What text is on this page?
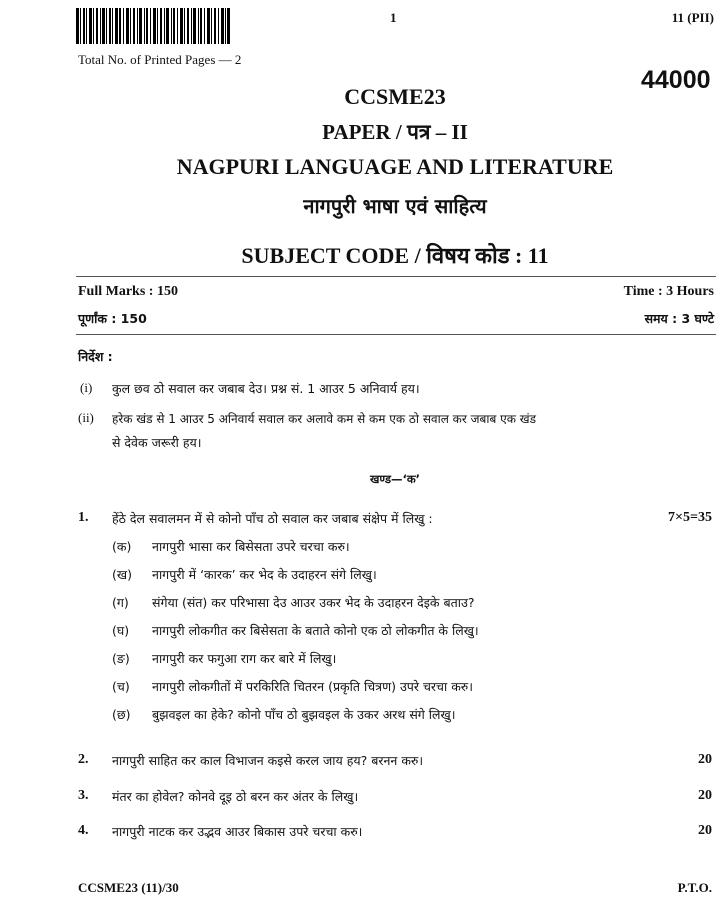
1	11 (PII)
Total No. of Printed Pages — 2
44000
CCSME23
PAPER / पत्र – II
NAGPURI LANGUAGE AND LITERATURE
नागपुरी भाषा एवं साहित्य
SUBJECT CODE / विषय कोड : 11
Full Marks : 150	Time : 3 Hours
पूर्णांक : 150	समय : 3 घण्टे
निर्देश :
(i) कुल छव ठो सवाल कर जबाब देउ। प्रश्न सं. 1 आउर 5 अनिवार्य हय।
(ii) हरेक खंड से 1 आउर 5 अनिवार्य सवाल कर अलावे कम से कम एक ठो सवाल कर जबाब एक खंड
से देवेक जरूरी हय।
खण्ड—‘क’
1. हेंठे देल सवालमन में से कोनो पाँच ठो सवाल कर जबाब संक्षेप में लिखु :	7×5=35
(क) नागपुरी भासा कर बिसेसता उपरे चरचा करु।
(ख) नागपुरी में ‘कारक’ कर भेद के उदाहरन संगे लिखु।
(ग) संगेया (संत) कर परिभासा देउ आउर उकर भेद के उदाहरन देइके बताउ?
(घ) नागपुरी लोकगीत कर बिसेसता के बताते कोनो एक ठो लोकगीत के लिखु।
(ङ) नागपुरी कर फगुआ राग कर बारे में लिखु।
(च) नागपुरी लोकगीतों में परकिरिति चितरन (प्रकृति चित्रण) उपरे चरचा करु।
(छ) बुझवइल का हेके? कोनो पाँच ठो बुझवइल के उकर अरथ संगे लिखु।
2. नागपुरी साहित कर काल विभाजन कइसे करल जाय हय? बरनन करु।	20
3. मंतर का होवेल? कोनवे दूइ ठो बरन कर अंतर के लिखु।	20
4. नागपुरी नाटक कर उद्भव आउर बिकास उपरे चरचा करु।	20
CCSME23 (11)/30	P.T.O.
